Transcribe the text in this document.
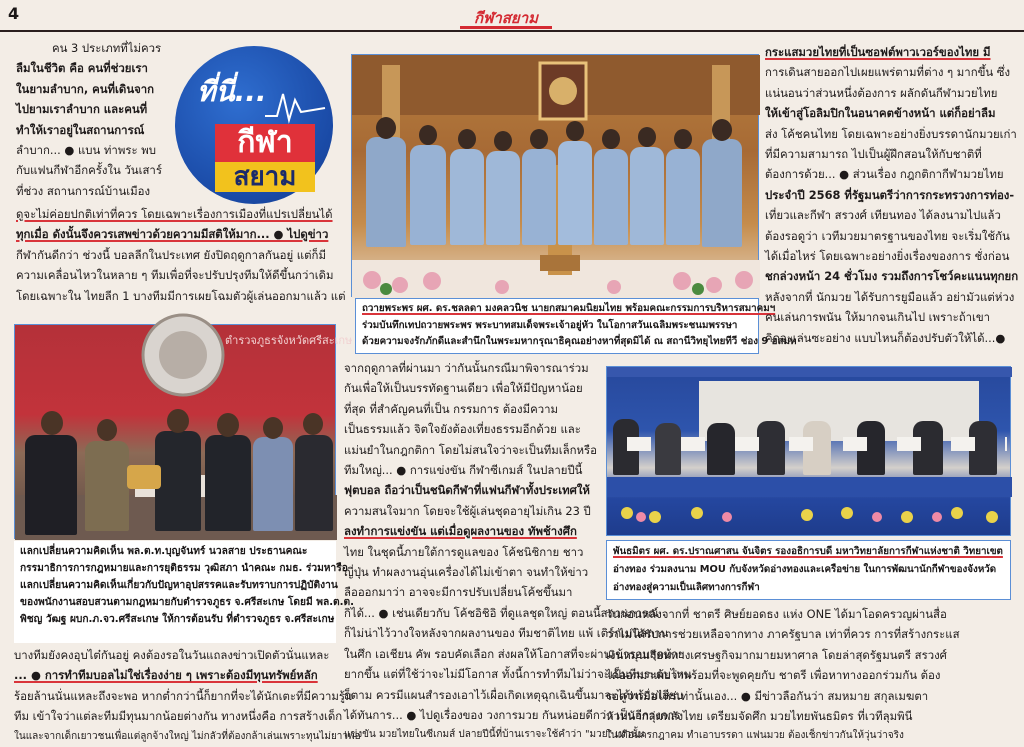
4	กีฬาสยาม
ที่นี่...
กีฬา
สยาม
คน 3 ประเภทที่ไม่ควร
ลืมในชีวิต คือ คนที่ช่วยเรา
ในยามลำบาก, คนที่เดินจาก
ไปยามเราลำบาก และคนที่
ทำให้เราอยู่ในสถานการณ์
ลำบาก... ● แบน ท่าพระ พบ
กับแฟนกีฬาอีกครั้งใน วันเสาร์
ที่ช่วง สถานการณ์บ้านเมือง
ดูจะไม่ค่อยปกติเท่าที่ควร โดยเฉพาะเรื่องการเมืองที่แปรเปลี่ยนได้
ทุกเมื่อ ดังนั้นจึงควรเสพข่าวด้วยความมีสติให้มาก... ● ไปดูข่าว
กีฬากันดีกว่า ช่วงนี้ บอลลีกในประเทศ ยังปิดฤดูกาลกันอยู่ แต่ก็มี
ความเคลื่อนไหวในหลาย ๆ ทีมเพื่อที่จะปรับปรุงทีมให้ดีขึ้นกว่าเดิม
โดยเฉพาะใน ไทยลีก 1 บางทีมมีการเผยโฉมตัวผู้เล่นออกมาแล้ว แต่
ถวายพระพร ผศ. ดร.ชลลดา มงคลวนิช นายกสมาคมนิยมไทย พร้อมคณะกรรมการบริหารสมาคมฯ
ร่วมบันทึกเทปถวายพระพร พระบาทสมเด็จพระเจ้าอยู่หัว ในโอกาสวันเฉลิมพระชนมพรรษา
ด้วยความจงรักภักดีและสำนึกในพระมหากรุณาธิคุณอย่างหาที่สุดมิได้ ณ สถานีวิทยุไทยทีวี ช่อง 9 อสมท
ตำรวจภูธรจังหวัดศรีสะเกษ
แลกเปลี่ยนความคิดเห็น พล.ต.ท.บุญจันทร์ นวลสาย ประธานคณะ
กรรมาธิการการกฎหมายและการยุติธรรม วุฒิสภา นำคณะ กมธ. ร่วมหารือ
แลกเปลี่ยนความคิดเห็นเกี่ยวกับปัญหาอุปสรรคและรับทราบการปฏิบัติงาน
ของพนักงานสอบสวนตามกฎหมายกับตำรวจภูธร จ.ศรีสะเกษ โดยมี พล.ต.ต.
พิชญ วัฒฐ ผบก.ภ.จว.ศรีสะเกษ ให้การต้อนรับ ที่ตำรวจภูธร จ.ศรีสะเกษ
บางทีมยังคงอุบไต๋กันอยู่ คงต้องรอในวันแถลงข่าวเปิดตัวนั่นแหละ
... ● การทำทีมบอลไม่ใช่เรื่องง่าย ๆ เพราะต้องมีทุนทรัพย์หลัก
ร้อยล้านนั่นแหละถึงจะพอ หากต่ำกว่านี้ก็ยากที่จะได้นักเตะที่มีความรู้ม
ทีม เข้าใจว่าแต่ละทีมมีทุนมากน้อยต่างกัน ทางหนึ่งคือ การสร้างเด็ก
ในและจากเด็กเยาวชนเพื่อแต่ลูกจ้างใหญ่ ไม่กลัวที่ต้องกล้าเล่นเพราะทุนไม่ยาวพอ
จากฤดูกาลที่ผ่านมา ว่ากันนั้นกรณีมาพิจารณาร่วม
กันเพื่อให้เป็นบรรทัดฐานเดียว เพื่อให้มีปัญหาน้อย
ที่สุด ที่สำคัญคนที่เป็น กรรมการ ต้องมีความ
เป็นธรรมแล้ว จิตใจยังต้องเที่ยงธรรมอีกด้วย และ
แม่นยำในกฎกติกา โดยไม่สนใจว่าจะเป็นทีมเล็กหรือ
ทีมใหญ่... ● การแข่งขัน กีฬาซีเกมส์ ในปลายปีนี้
ฟุตบอล ถือว่าเป็นชนิดกีฬาที่แฟนกีฬาทั้งประเทศให้
ความสนใจมาก โดยจะใช้ผู้เล่นชุดอายุไม่เกิน 23 ปี
ลงทำการแข่งขัน แต่เมื่อดูผลงานของ ทัพช้างศึก
ไทย ในชุดนี้ภายใต้การดูแลของ โค้ชนิชิกาย ชาว
ญี่ปุ่น ทำผลงานอุ่นเครื่องได้ไม่เข้าตา จนทำให้ข่าว
ลือออกมาว่า อาจจะมีการปรับเปลี่ยนโค้ชขึ้นมา
กิได้... ● เช่นเดียวกับ โค้ชอิชิอิ ที่ดูแลชุดใหญ่ ตอนนี้สถานการณ์
ก็ไม่น่าไว้วางใจหลังจากผลงานของ ทีมชาติไทย แพ้ เติร์กเมนิสถาน
ในศึก เอเชียน คัพ รอบคัดเลือก ส่งผลให้โอกาสที่จะผ่านเข้ารอบสุดท้าย
ยากขึ้น แต่ที่ใช้ว่าจะไม่มีโอกาส ทั้งนี้การทำทีมไม่ว่าจะเป็นทีมระดับไหน
ก็ตาม ควรมีแผนสำรองเอาไว้เผื่อเกิดเหตุฉุกเฉินขึ้นมาจะได้พร้อมเสียบ
ได้ทันการ... ● ไปดูเรื่องของ วงการมวย กันหน่อยดีกว่า เป็นอีกวงการ
แข่งขัน มวยไทยในซีเกมส์ ปลายปีนี้ที่บ้านเราจะใช้คำว่า "มวย" เท่านั้น
กระแสมวยไทยที่เป็นซอฟต์พาวเวอร์ของไทย มี
การเดินสายออกไปเผยแพร่ตามที่ต่าง ๆ มากขึ้น ซึ่ง
แน่นอนว่าส่วนหนึ่งต้องการ ผลักดันกีฬามวยไทย
ให้เข้าสู่โอลิมปิกในอนาคตข้างหน้า แต่ก็อย่าลืม
ส่ง โค้ชคนไทย โดยเฉพาะอย่างยิ่งบรรดานักมวยเก่า
ที่มีความสามารถ ไปเป็นผู้ฝึกสอนให้กับชาติที่
ต้องการด้วย... ● ส่วนเรื่อง กฎกติกากีฬามวยไทย
ประจำปี 2568 ที่รัฐมนตรีว่าการกระทรวงการท่อง-
เที่ยวและกีฬา สรวงศ์ เทียนทอง ได้ลงนามไปแล้ว
ต้องรอดูว่า เวทีมวยมาตรฐานของไทย จะเริ่มใช้กัน
ได้เมื่อไหร่ โดยเฉพาะอย่างยิ่งเรื่องของการ ชั่งก่อน
ชกล่วงหน้า 24 ชั่วโมง รวมถึงการโชว์คะแนนทุกยก
หลังจากที่ นักมวย ได้รับการยูมือแล้ว อย่ามัวแต่ห่วง
คนเล่นการพนัน ให้มากจนเกินไป เพราะถ้าเขา
คิดจะเล่นซะอย่าง แบบไหนก็ต้องปรับตัวให้ได้...●
พันธมิตร ผศ. ดร.ปราณศาสน จันจิตร รองอธิการบดี มหาวิทยาลัยการกีฬาแห่งชาติ วิทยาเขต
อ่างทอง ร่วมลงนาม MOU กับจังหวัดอ่างทองและเครือข่าย ในการพัฒนานักกีฬาของจังหวัด
อ่างทองสู่ความเป็นเลิศทางการกีฬา
วันก่อนหลังจากที่ ชาตรี ศิษย์ยอดธง แห่ง ONE ได้มาโอดครวญผ่านสื่อ
ว่าไม่ได้รับการช่วยเหลือจากทาง ภาครัฐบาล เท่าที่ควร การที่สร้างกระแส
เงินหมุนเวียนทางเศรษฐกิจมากมายมหาศาล โดยล่าสุดรัฐมนตรี สรวงศ์
ได้ออกมาเผยว่าพร้อมที่จะพูดคุยกับ ชาตรี เพื่อหาทางออกร่วมกัน ต้อง
รอดูว่าเมื่อไหร่เท่านั้นเอง... ● มีข่าวลือกันว่า สมหมาย สกุลเมฆตา
หัวหน้ากลุ่มพลังไทย เตรียมจัดศึก มวยไทยพันธมิตร ที่เวทีลุมพินี
ในเดือนกรกฎาคม ทำเอาบรรดา แฟนมวย ต้องเช็กข่าวกันให้วุ่นว่าจริง
